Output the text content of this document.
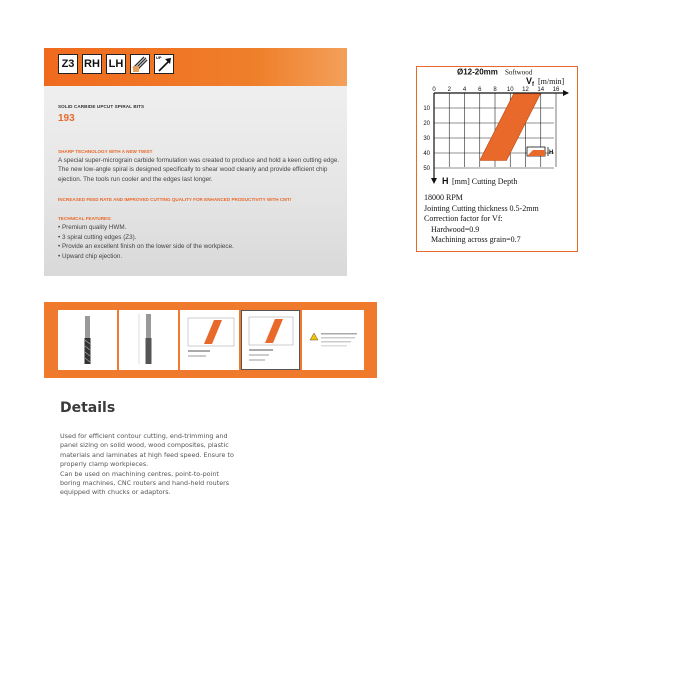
Z3 RH LH
UP
SOLID CARBIDE UPCUT SPIRAL BITS
193
SHARP TECHNOLOGY WITH A NEW TWIST
A special super-micrograin carbide formulation was created to produce and hold a keen cutting edge. The new low-angle spiral is designed specifically to shear wood cleanly and provide efficient chip ejection. The tools run cooler and the edges last longer.
INCREASED FEED RATE AND IMPROVED CUTTING QUALITY FOR ENHANCED PRODUCTIVITY WITH CMT!
TECHNICAL FEATURES:
• Premium quality HWM.
• 3 spiral cutting edges (Z3).
• Provide an excellent finish on the lower side of the workpiece.
• Upward chip ejection.
Ø12-20mm Softwood
V f [m/min]
0 2 4 6 8 10 12 14 16
10
20
30
40
50
H [mm] Cutting Depth
H
18000 RPM
Jointing Cutting thickness 0.5-2mm
Correction factor for Vf:
Hardwood=0.9
Machining across grain=0.7
Details

Used for efficient contour cutting, end-trimming and panel sizing on solid wood, wood composites, plastic materials and laminates at high feed speed. Ensure to properly clamp workpieces.

Can be used on machining centres, point-to-point boring machines, CNC routers and hand-held routers equipped with chucks or adaptors.
